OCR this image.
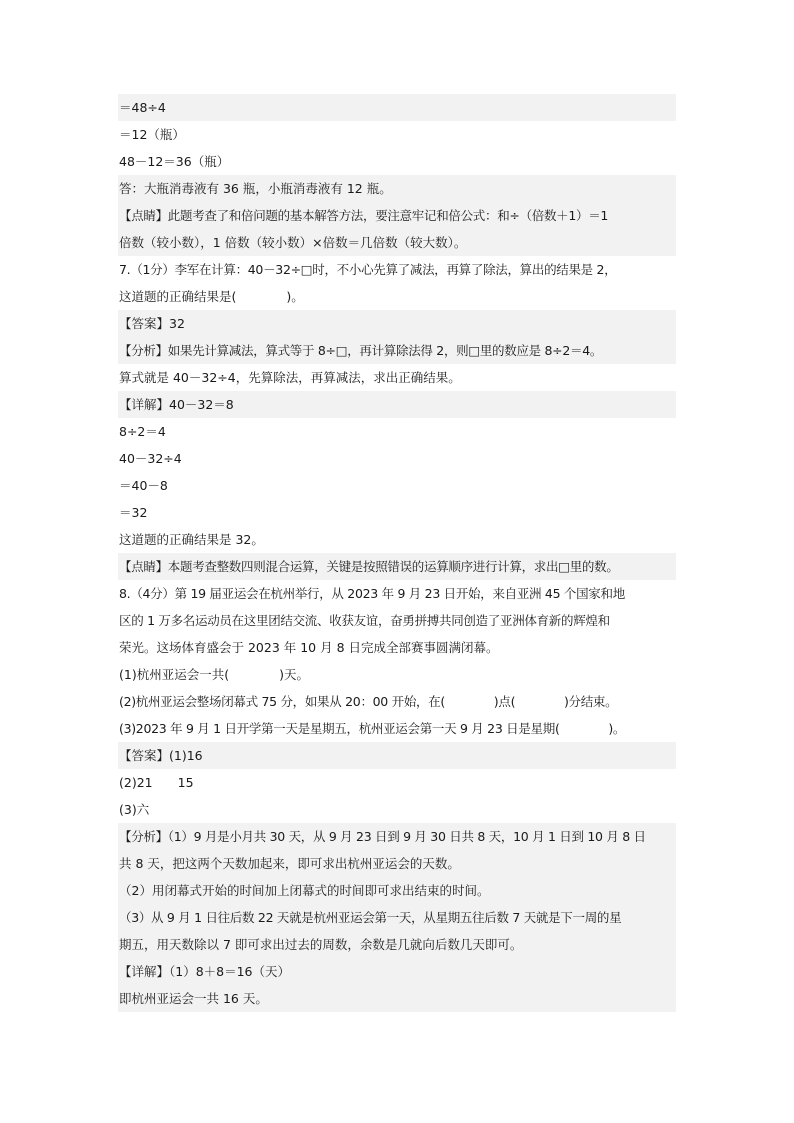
＝48÷4
＝12（瓶）
48－12＝36（瓶）
答：大瓶消毒液有 36 瓶，小瓶消毒液有 12 瓶。
【点睛】此题考查了和倍问题的基本解答方法，要注意牢记和倍公式：和÷（倍数＋1）＝1
倍数（较小数），1 倍数（较小数）×倍数＝几倍数（较大数）。
7.（1分）李军在计算：40－32÷□时，不小心先算了减法，再算了除法，算出的结果是 2，
这道题的正确结果是(　　　　)。
【答案】32
【分析】如果先计算减法，算式等于 8÷□，再计算除法得 2，则□里的数应是 8÷2＝4。
算式就是 40－32÷4，先算除法，再算减法，求出正确结果。
【详解】40－32＝8
8÷2＝4
40－32÷4
＝40－8
＝32
这道题的正确结果是 32。
【点睛】本题考查整数四则混合运算，关键是按照错误的运算顺序进行计算，求出□里的数。
8.（4分）第 19 届亚运会在杭州举行，从 2023 年 9 月 23 日开始，来自亚洲 45 个国家和地
区的 1 万多名运动员在这里团结交流、收获友谊，奋勇拼搏共同创造了亚洲体育新的辉煌和
荣光。这场体育盛会于 2023 年 10 月 8 日完成全部赛事圆满闭幕。
(1)杭州亚运会一共(　　　　)天。
(2)杭州亚运会整场闭幕式 75 分，如果从 20：00 开始，在(　　　　)点(　　　　)分结束。
(3)2023 年 9 月 1 日开学第一天是星期五，杭州亚运会第一天 9 月 23 日是星期(　　　　)。
【答案】(1)16
(2)21　　15
(3)六
【分析】（1）9 月是小月共 30 天，从 9 月 23 日到 9 月 30 日共 8 天，10 月 1 日到 10 月 8 日
共 8 天，把这两个天数加起来，即可求出杭州亚运会的天数。
（2）用闭幕式开始的时间加上闭幕式的时间即可求出结束的时间。
（3）从 9 月 1 日往后数 22 天就是杭州亚运会第一天，从星期五往后数 7 天就是下一周的星
期五，用天数除以 7 即可求出过去的周数，余数是几就向后数几天即可。
【详解】（1）8＋8＝16（天）
即杭州亚运会一共 16 天。
